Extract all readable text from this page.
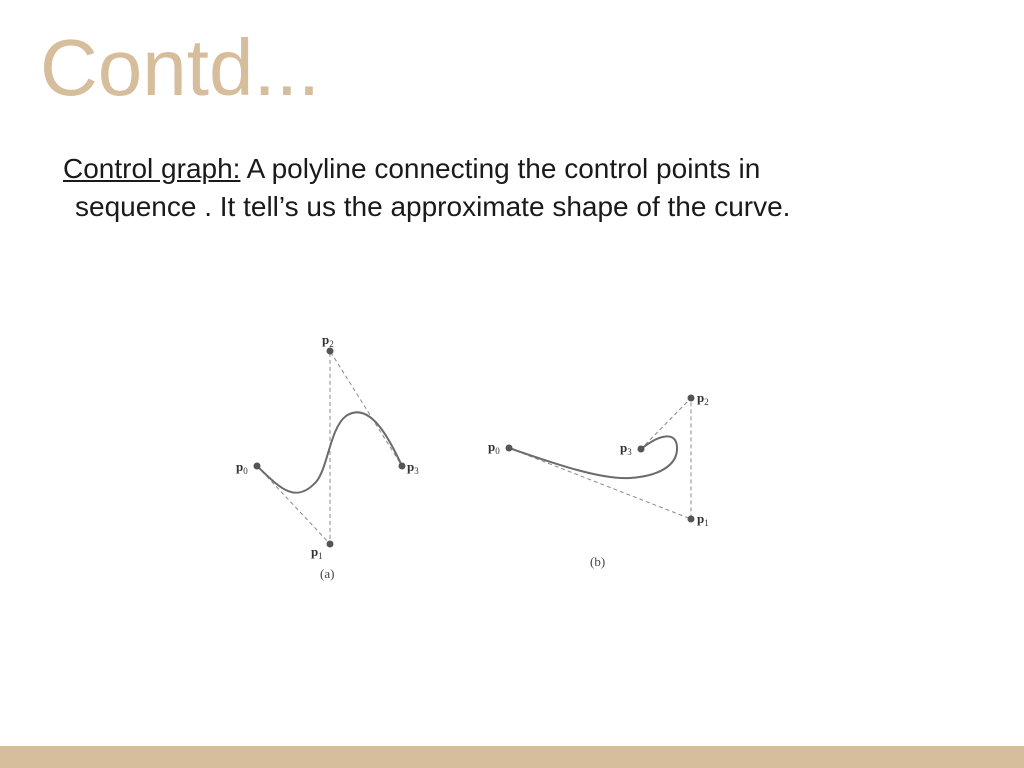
Contd...
Control graph: A polyline connecting the control points in
sequence . It tell’s us the approximate shape of the curve.
p0
p1
p2
p3
(a)
p0
p1
p2
p3
(b)
